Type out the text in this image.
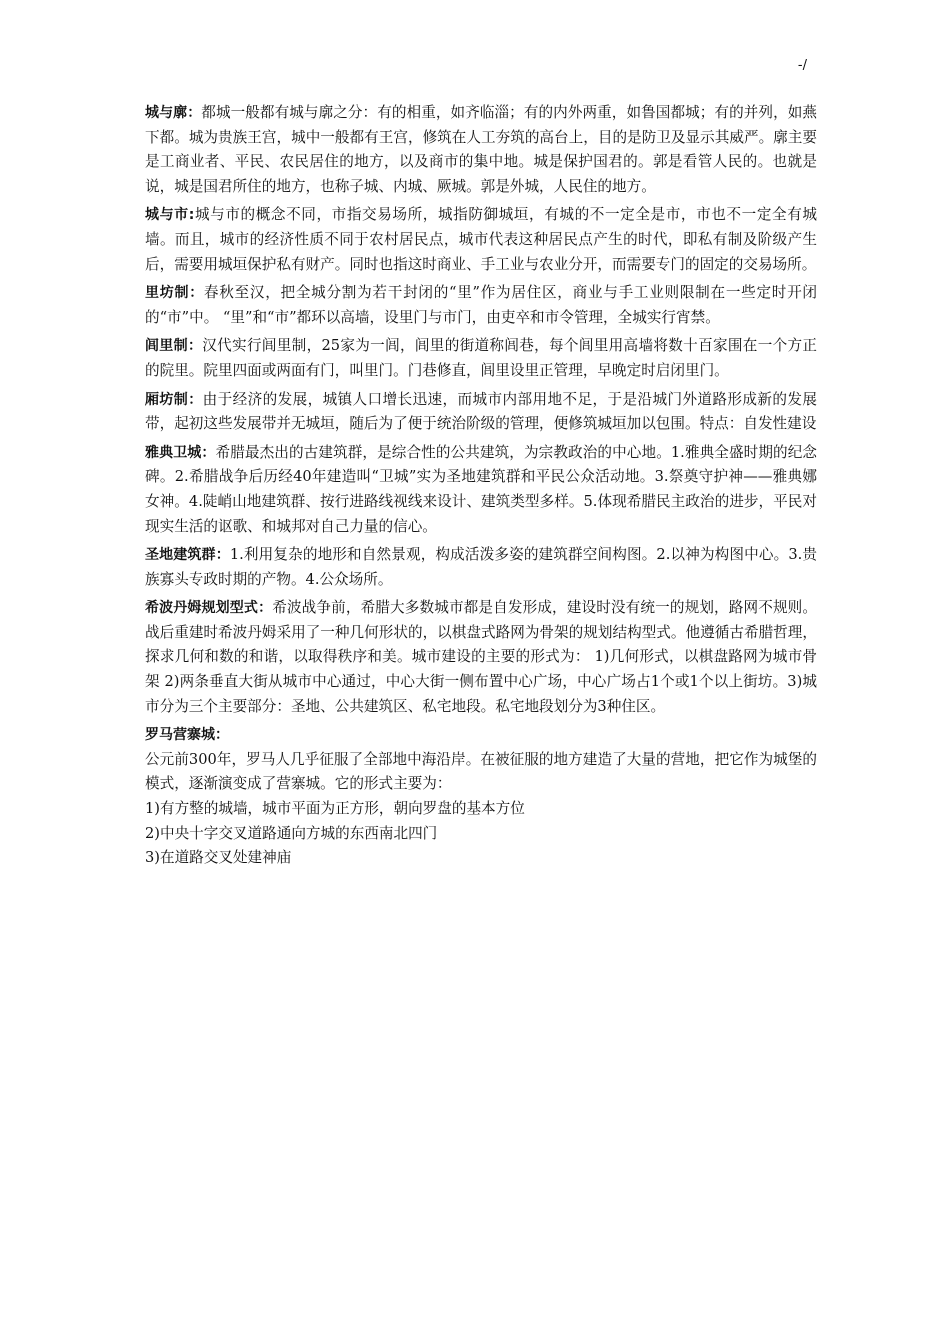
-/

城与廓：都城一般都有城与廓之分：有的相重，如齐临淄；有的内外两重，如鲁国都城；有的并列，如燕下都。城为贵族王宫，城中一般都有王宫，修筑在人工夯筑的高台上，目的是防卫及显示其威严。廓主要是工商业者、平民、农民居住的地方，以及商市的集中地。城是保护国君的。郭是看管人民的。也就是说，城是国君所住的地方，也称子城、内城、厥城。郭是外城，人民住的地方。

城与市:城与市的概念不同，市指交易场所，城指防御城垣，有城的不一定全是市，市也不一定全有城墙。而且，城市的经济性质不同于农村居民点，城市代表这种居民点产生的时代，即私有制及阶级产生后，需要用城垣保护私有财产。同时也指这时商业、手工业与农业分开，而需要专门的固定的交易场所。

里坊制：春秋至汉，把全城分割为若干封闭的“里”作为居住区，商业与手工业则限制在一些定时开闭的“市”中。 “里”和“市”都环以高墙，设里门与市门，由吏卒和市令管理，全城实行宵禁。

闾里制：汉代实行闾里制，25家为一闾，闾里的街道称闾巷，每个闾里用高墙将数十百家围在一个方正的院里。院里四面或两面有门，叫里门。门巷修直，闾里设里正管理，早晚定时启闭里门。

厢坊制：由于经济的发展，城镇人口增长迅速，而城市内部用地不足，于是沿城门外道路形成新的发展带，起初这些发展带并无城垣，随后为了便于统治阶级的管理，便修筑城垣加以包围。特点：自发性建设

雅典卫城：希腊最杰出的古建筑群，是综合性的公共建筑，为宗教政治的中心地。1.雅典全盛时期的纪念碑。2.希腊战争后历经40年建造叫“卫城”实为圣地建筑群和平民公众活动地。3.祭奠守护神——雅典娜女神。4.陡峭山地建筑群、按行进路线视线来设计、建筑类型多样。5.体现希腊民主政治的进步，平民对现实生活的讴歌、和城邦对自己力量的信心。

圣地建筑群：1.利用复杂的地形和自然景观，构成活泼多姿的建筑群空间构图。2.以神为构图中心。3.贵族寡头专政时期的产物。4.公众场所。

希波丹姆规划型式：希波战争前，希腊大多数城市都是自发形成，建设时没有统一的规划，路网不规则。战后重建时希波丹姆采用了一种几何形状的，以棋盘式路网为骨架的规划结构型式。他遵循古希腊哲理，探求几何和数的和谐，以取得秩序和美。城市建设的主要的形式为： 1)几何形式，以棋盘路网为城市骨架 2)两条垂直大街从城市中心通过，中心大街一侧布置中心广场，中心广场占1个或1个以上街坊。3)城市分为三个主要部分：圣地、公共建筑区、私宅地段。私宅地段划分为3种住区。

罗马营寨城：

公元前300年，罗马人几乎征服了全部地中海沿岸。在被征服的地方建造了大量的营地，把它作为城堡的模式，逐渐演变成了营寨城。它的形式主要为：

1)有方整的城墙，城市平面为正方形，朝向罗盘的基本方位

2)中央十字交叉道路通向方城的东西南北四门

3)在道路交叉处建神庙
